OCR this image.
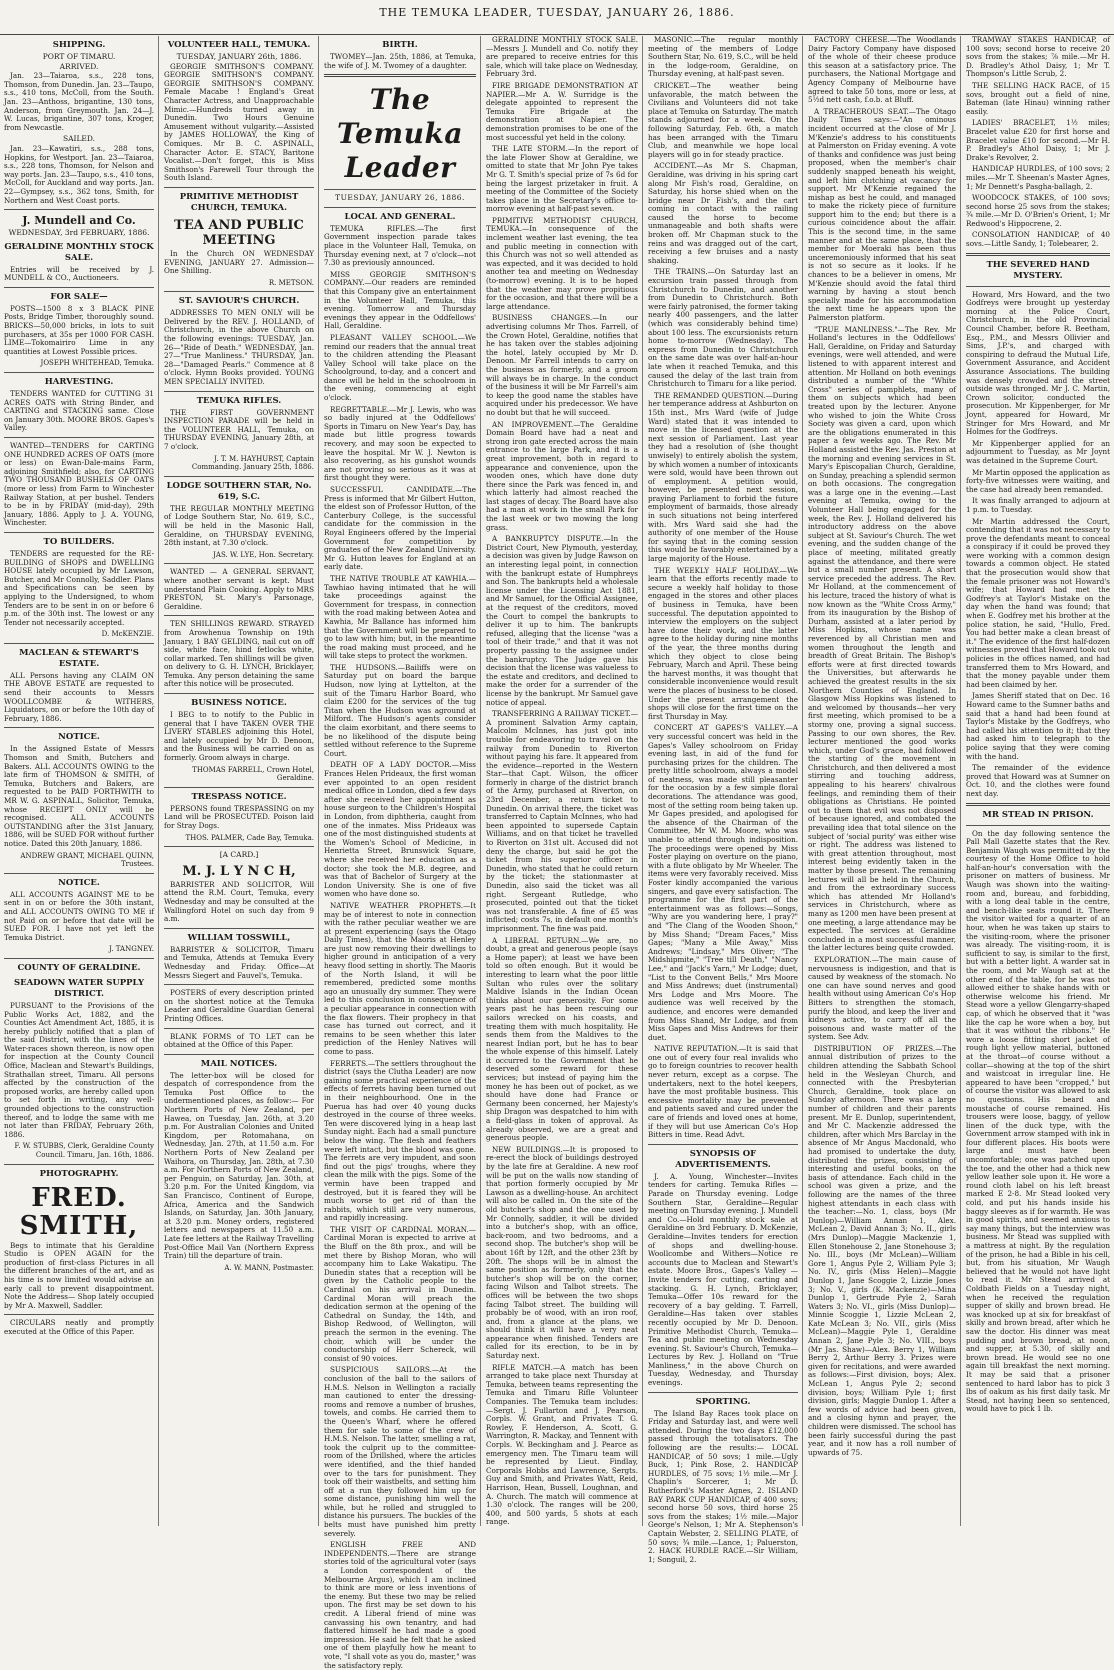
THE TEMUKA LEADER, TUESDAY, JANUARY 26, 1886.
SHIPPING.
PORT OF TIMARU.
ARRIVED.

Jan. 23—Taiaroa, s.s., 228 tons, Thomson, from Dunedin. Jan. 23—Taupo, s.s., 410 tons, McColl, from the South. Jan. 23—Anthoss, brigantine, 130 tons, Anderson, from Greymouth. Jan. 24—J. W. Lucas, brigantine, 307 tons, Kroger, from Newcastle.

SAILED.

Jan. 23—Kawatiri, s.s., 288 tons, Hopkins, for Westport. Jan. 23—Taiaroa, s.s., 228 tons, Thomson, for Nelson and way ports. Jan. 23—Taupo, s.s., 410 tons, McColl, for Auckland and way ports. Jan. 22—Gympsey, s.s., 362 tons, Smith, for Northern and West Coast ports.

J. Mundell and Co.
WEDNESDAY, 3rd FEBRUARY, 1886.
GERALDINE MONTHLY STOCK SALE.

Entries will be received by J. MUNDELL & CO., Auctioneers.

FOR SALE—

POSTS—1500 8 x 3 BLACK PINE Posts, Bridge Timber, thoroughly sound. BRICKS—50,000 bricks, in lots to suit purchasers, at 35s per 1000 FOR CASH. LIME—Tokomairiro Lime in any quantities at Lowest Possible prices.

JOSEPH WHITEHEAD, Temuka.
HARVESTING.

TENDERS WANTED for CUTTING 31 ACRES OATS with String Binder, and CARTING and STACKING same. Close on January 30th. MOORE BROS. Gapes's Valley.

WANTED—TENDERS for CARTING ONE HUNDRED ACRES OF OATS (more or less) on Ewan-Dale-mains Farm, adjoining Smithfield; also, for CARTING TWO THOUSAND BUSHELS OF OATS (more or less) from Farm to Winchester Railway Station, at per bushel. Tenders to be in by FRIDAY (mid-day), 29th January, 1886. Apply to J. A. YOUNG, Winchester.

TO BUILDERS.

TENDERS are requested for the RE-BUILDING of SHOPS and DWELLING HOUSE lately occupied by Mr Lawson, Butcher, and Mr Connolly, Saddler. Plans and Specifications can be seen by applying to the Undersigned, to whom Tenders are to be sent in on or before 6 p.m. of the 30th inst. The lowest or any Tender not necessarily accepted.

D. McKENZIE.
MACLEAN & STEWART'S ESTATE.

ALL Persons having any CLAIM ON THE ABOVE ESTATE are requested to send their accounts to Messrs WOOLLCOMBE & WITHERS, Liquidators, on or before the 10th day of February, 1886.

NOTICE.

In the Assigned Estate of Messrs Thomson and Smith, Butchers and Bakers. ALL ACCOUNTS OWING to the late firm of THOMSON & SMITH, of Temuka, Butchers and Bakers, are requested to be PAID FORTHWITH to MR W. G. ASPINALL, Solicitor, Temuka, whose RECEIPT ONLY will be recognised. ALL ACCOUNTS OUTSTANDING after the 31st January, 1886, will be SUED FOR without further notice. Dated this 20th January, 1886.

ANDREW GRANT, MICHAEL QUINN, Trustees.
NOTICE.

ALL ACCOUNTS AGAINST ME to be sent in on or before the 30th instant, and ALL ACCOUNTS OWING TO ME if not Paid on or before that date will be SUED FOR. I have not yet left the Temuka District.

J. TANGNEY.
COUNTY OF GERALDINE.
SEADOWN WATER SUPPLY DISTRICT.

PURSUANT to the Provisions of the Public Works Act, 1882, and the Counties Act Amendment Act, 1885, it is hereby publicly notified that a plan of the said District, with the lines of the Water-races shown thereon, is now open for inspection at the County Council Office, Maclean and Stewart's Buildings, Strathallan street, Timaru. All persons affected by the construction of the proposed works, are hereby called upon to set forth in writing, any well-grounded objections to the construction thereof, and to lodge the same with me not later than FRIDAY, February 26th, 1886.

F. W. STUBBS, Clerk, Geraldine County Council. Timaru, Jan. 16th, 1886.
PHOTOGRAPHY.
FRED. SMITH,

Begs to intimate that his Geraldine Studio is OPEN AGAIN for the production of first-class Pictures in all the different branches of the art, and as his time is now limited would advise an early call to prevent disappointment. Note the Address— Shop lately occupied by Mr A. Maxwell, Saddler.

CIRCULARS neatly and promptly executed at the Office of this Paper.

VOLUNTEER HALL, TEMUKA.
TUESDAY, JANUARY 26th, 1886.

GEORGIE SMITHSON'S COMPANY. GEORGIE SMITHSON'S COMPANY. GEORGIE SMITHSON'S COMPANY. Female Macabe ! England's Great Character Actress, and Unapproachable Mimic.—Hundreds turned away in Dunedin. Two Hours Genuine Amusement without vulgarity.—Assisted by JAMES HOLLOWAY, the King of Comiques. Mr B. C. ASPINALL, Character Actor. E. STACY, Baritone Vocalist.—Don't forget, this is Miss Smithson's Farewell Tour through the South Island.

PRIMITIVE METHODIST CHURCH, TEMUKA.
TEA AND PUBLIC MEETING

In the Church ON WEDNESDAY EVENING, JANUARY 27. Admission—One Shilling.

R. METSON.
ST. SAVIOUR'S CHURCH.

ADDRESSES TO MEN ONLY will be Delivered by the REV. J. HOLLAND, of Christchurch, in the above Church on the following evenings: TUESDAY, Jan. 26—"Ride of Death." WEDNESDAY, Jan. 27—"True Manliness." THURSDAY, Jan. 28—"Damaged Pearls." Commence at 8 o'clock. Hymn Books provided. YOUNG MEN SPECIALLY INVITED.

TEMUKA RIFLES.

THE FIRST GOVERNMENT INSPECTION PARADE will be held in the VOLUNTEER HALL, Temuka, on THURSDAY EVENING, January 28th, at 7 o'clock.

J. T. M. HAYHURST, Captain Commanding. January 25th, 1886.
LODGE SOUTHERN STAR, No. 619, S.C.

THE REGULAR MONTHLY MEETING of Lodge Southern Star, No. 619, S.C., will be held in the Masonic Hall, Geraldine, on THURSDAY EVENING, 28th instant, at 7.30 o'clock.

JAS. W. LYE, Hon. Secretary.

WANTED — A GENERAL SERVANT, where another servant is kept. Must understand Plain Cooking. Apply to MRS PRESTON, St. Mary's Parsonage, Geraldine.

TEN SHILLINGS REWARD. STRAYED from Arowhenua Township on 19th January, 1 BAY GELDING, nail cut on off side, white face, hind fetlocks white, collar marked. Ten shillings will be given on delivery to G. H. LYNCH, Bricklayer, Temuka. Any person detaining the same after this notice will be prosecuted.

BUSINESS NOTICE.

I BEG to to notify to the Public in general that I have TAKEN OVER THE LIVERY STABLES adjoining this Hotel, and lately occupied by Mr D. Denoon, and the Business will be carried on as formerly. Groom always in charge.

THOMAS FARRELL, Crown Hotel, Geraldine.
TRESPASS NOTICE.

PERSONS found TRESPASSING on my Land will be PROSECUTED. Poison laid for Stray Dogs.

THOS. PALMER, Cade Bay, Temuka.
[A CARD.]
M. J. L Y N C H,

BARRISTER AND SOLICITOR, Will attend the R.M. Court, Temuka, every Wednesday and may be consulted at the Wallingford Hotel on such day from 9 a.m.

WILLIAM TOSSWILL,

BARRISTER & SOLICITOR, Timaru and Temuka, Attends at Temuka Every Wednesday and Friday. Office—At Messrs Siegert and Fauvel's, Temuka.

POSTERS of every description printed on the shortest notice at the Temuka Leader and Geraldine Guardian General Printing Offices.

BLANK FORMS of TO LET can be obtained at the Office of this Paper.

MAIL NOTICES.

The letter-box will be closed for despatch of correspondence from the Temuka Post Office to the undermentioned places, as follow:— For Northern Ports of New Zealand, per Hawea, on Tuesday, Jan. 26th, at 3.20 p.m. For Australian Colonies and United Kingdom, per Rotomahana, on Wednesday, Jan. 27th, at 11.50 a.m. For Northern Ports of New Zealand per Waihora, on Thursday, Jan. 28th, at 7.30 a.m. For Northern Ports of New Zealand, per Penguin, on Saturday, Jan. 30th, at 3.20 p.m. For the United Kingdom, via San Francisco, Continent of Europe, Africa, America and the Sandwich Islands, on Saturday, Jan. 30th January, at 3.20 p.m. Money orders, registered letters and newspapers at 11.50 a.m. Late fee letters at the Railway Travelling Post-Office Mail Van (Northern Express Train) till the departure of train.

A. W. MANN, Postmaster.
BIRTH.

TWOMEY—Jan. 25th, 1886, at Temuka, the wife of J. M. Twomey of a daughter.

The Temuka Leader
TUESDAY, JANUARY 26, 1886.
LOCAL AND GENERAL.
TEMUKA RIFLES.—The first Government inspection parade takes place in the Volunteer Hall, Temuka, on Thursday evening next, at 7 o'clock—not 7.30 as previously announced.
MISS GEORGIE SMITHSON'S COMPANY.—Our readers are reminded that this Company give an entertainment in the Volunteer Hall, Temuka, this evening. Tomorrow and Thursday evenings they appear in the Oddfellows' Hall, Geraldine.
PLEASANT VALLEY SCHOOL.—We remind our readers that the annual treat to the children attending the Pleasant Valley School will take place on the Schoolground, to-day, and a concert and dance will be held in the schoolroom in the evening, commencing at eight o'clock.
REGRETTABLE.—Mr J. Lewis, who was so badly injured at the Oddfellows' Sports in Timaru on New Year's Day, has made but little progress towards recovery, and may soon be expected to leave the hospital. Mr W. J. Newton is also recovering, as his gunshot wounds are not proving so serious as it was at first thought they were.
SUCCESSFUL CANDIDATE.—The Press is informed that Mr Gilbert Hutton, the eldest son of Professor Hutton, of the Canterbury College, is the successful candidate for the commission in the Royal Engineers offered by the Imperial Government for competition by graduates of the New Zealand University. Mr G. Hutton leaves for England at an early date.
THE NATIVE TROUBLE AT KAWHIA.—Tawhiao having intimated that he will take proceedings against the Government for trespass, in connection with the road making between Aotea and Kawhia, Mr Ballance has informed him that the Government will be prepared to go to law with him; but, in the meantime the road making must proceed, and he will take steps to protect the workmen.
THE HUDSONS.—Bailiffs were on Saturday put on board the barque Hudson, now lying at Lyttelton, at the suit of the Timaru Harbor Board, who claim £200 for the services of the tug Titan when the Hudson was aground at Milford. The Hudson's agents consider the claim exorbitant, and there seems to be no likelihood of the dispute being settled without reference to the Supreme Court.
DEATH OF A LADY DOCTOR.—Miss Frances Helen Prideaux, the first woman ever appointed to an open resident medical office in London, died a few days after she received her appointment as house surgeon to the Children's Hospital in London, from diphtheria, caught from one of the inmates. Miss Prideaux was one of the most distinguished students at the Women's School of Medicine, in Henrietta Street, Brunswick Square, where she received her education as a doctor; she took the M.B. degree, and was that of Bachelor of Surgery at the London University. She is one of five women who have done so.
NATIVE WEATHER PROPHETS.—It may be of interest to note in connection with the rather peculiar weather we are at present experiencing (says the Otago Daily Times), that the Maoris at Henley are just now removing their dwellings to higher ground in anticipation of a very heavy flood setting in shortly. The Maoris of the North Island, it will be remembered, predicted some months ago an unusually dry summer. They were led to this conclusion in consequence of a peculiar appearance in connection with the flax flowers. Their prophecy in that case has turned out correct, and it remains to be seen whether this later prediction of the Henley Natives will come to pass.
FERRETS.—The settlers throughout the district (says the Clutha Leader) are now gaining some practical experience of the effects of ferrets having been turned out in their neighbourhood. One in the Puerua has had over 40 young ducks destroyed in the course of three weeks. Ten were discovered lying in a heap last Sunday night. Each had a small puncture below the wing. The flesh and feathers were left intact, but the blood was gone. The ferrets are very impudent, and soon find out the pigs' troughs, where they clean the milk with the pigs. Some of the vermin have been trapped and destroyed, but it is feared they will be much worse to get rid of than the rabbits, which still are very numerous, and rapidly increasing.
THE VISIT OF CARDINAL MORAN.—Cardinal Moran is expected to arrive at the Bluff on the 8th prox., and will be met there by Bishop Moran, who will accompany him to Lake Wakatipu. The Dunedin states that a reception will be given by the Catholic people to the Cardinal on his arrival in Dunedin. Cardinal Moran will preach the dedication sermon at the opening of the Cathedral on Sunday, the 14th, and Bishop Redwood, of Wellington, will preach the sermon in the evening. The choir, which will be under the conductorship of Herr Schereck, will consist of 90 voices.
SUSPICIOUS SAILORS.—At the conclusion of the ball to the sailors of H.M.S. Nelson in Wellington a racially man cautioned to enter the dressing-rooms and remove a number of brushes, towels, and combs. He carried them to the Queen's Wharf, where he offered them for sale to some of the crew of H.M.S. Nelson. The latter, smelling a rat, took the culprit up to the committee-room of the Drillshed, where the articles were identified, and the thief handed over to the tars for punishment. They took off their waistbelts, and setting him off at a run they followed him up for some distance, punishing him well the while, but he rolled and struggled to distance his pursuers. The buckles of the belts must have punished him pretty severely.
ENGLISH FREE AND INDEPENDENTS.—There are strange stories told of the agricultural voter (says a London correspondent of the Melbourne Argus), which I am inclined to think are more or less inventions of the enemy. But these two may be relied upon. The first may be set down to his credit. A Liberal friend of mine was canvassing his own tenantry, and had flattered himself he had made a good impression. He said he felt that he asked one of them playfully how he meant to vote, "I shall vote as you do, master," was the satisfactory reply.
GERALDINE MONTHLY STOCK SALE.—Messrs J. Mundell and Co. notify they are prepared to receive entries for this sale, which will take place on Wednesday, February 3rd.
FIRE BRIGADE DEMONSTRATION AT NAPIER.—Mr A. W. Surridge is the delegate appointed to represent the Temuka Fire Brigade at the demonstration at Napier. The demonstration promises to be one of the most successful yet held in the colony.
THE LATE STORM.—In the report of the late Flower Show at Geraldine, we omitted to state that Mr John Pye takes Mr G. T. Smith's special prize of 7s 6d for being the largest prizetaker in fruit. A meeting of the Committee of the Society takes place in the Secretary's office to-morrow evening at half-past seven.
PRIMITIVE METHODIST CHURCH, TEMUKA.—In consequence of the inclement weather last evening, the tea and public meeting in connection with this Church was not so well attended as was expected, and it was decided to hold another tea and meeting on Wednesday (to-morrow) evening. It is to be hoped that the weather may prove propitious for the occasion, and that there will be a large attendance.
BUSINESS CHANGES.—In our advertising columns Mr Thos. Farrell, of the Crown Hotel, Geraldine, notifies that he has taken over the stables adjoining the hotel, lately occupied by Mr D. Denoon. Mr Farrell intends to carry on the business as formerly, and a groom will always be in charge. In the conduct of the business it will be Mr Farrell's aim to keep the good name the stables have acquired under his predecessor. We have no doubt but that he will succeed.
AN IMPROVEMENT.—The Geraldine Domain Board have had a neat and strong iron gate erected across the main entrance to the large Park, and it is a great improvement, both in regard to appearance and convenience, upon the wooden ones, which have done duty there since the Park was fenced in, and which latterly had almost reached the last stages of decay. The Board have also had a man at work in the small Park for the last week or two mowing the long grass.
A BANKRUPTCY DISPUTE.—In the District Court, New Plymouth, yesterday, a decision was given by Judge Rawson on an interesting legal point, in connection with the bankrupt estate of Humphreys and Son. The bankrupts held a wholesale license under the Licensing Act 1881, and Mr Samuel, for the Official Assignee, at the request of the creditors, moved the Court to compel the bankrupts to deliver it up to him. The bankrupts refused, alleging that the license "was a tool of their trade," and that it was not property passing to the assignee under the bankruptcy. The Judge gave his decision that the license was valueless to the estate and creditors, and declined to make the order for a surrender of the license by the bankrupt. Mr Samuel gave notice of appeal.
TRANSFERRING A RAILWAY TICKET.—A prominent Salvation Army captain, Malcolm McInnes, has just got into trouble for endeavoring to travel on the railway from Dunedin to Riverton without paying his fare. It appeared from the evidence—reported in the Western Star—that Capt. Wilson, the officer formerly in charge of the district branch of the Army, purchased at Riverton, on 23rd December, a return ticket to Dunedin. On arrival there, the ticket was transferred to Captain McInnes, who had been appointed to supersede Captain Williams, and on that ticket he travelled to Riverton on 31st ult. Accused did not deny the charge, but said he got the ticket from his superior officer in Dunedin, who stated that he could return by the ticket; the stationmaster at Dunedin, also said the ticket was all right. Sergeant Rutledge, who prosecuted, pointed out that the ticket was not transferable. A fine of £5 was inflicted; costs 7s, in default one month's imprisonment. The fine was paid.
A LIBERAL RETURN.—We are, no doubt, a great and generous people (says a Home paper); at least we have been told so often enough. But it would be interesting to learn what the poor little Sultan who rules over the solitary Maldive Islands in the Indian Ocean thinks about our generosity. For some years past he has been rescuing our sailors wrecked on his coasts, and treating them with much hospitality. He sends them from the Maldives to the nearest Indian port, but he has to bear the whole expense of this himself. Lately it occurred to the Government that he deserved some reward for these services; but instead of paying him the money he has been out of pocket, as we should have done had France or Germany been concerned, her Majesty's ship Dragon was despatched to him with a field-glass in token of approval. As already observed, we are a great and generous people.
NEW BUILDINGS.—It is proposed to re-erect the block of buildings destroyed by the late fire at Geraldine. A new roof will be put on the walls now standing of that portion formerly occupied by Mr Lawson as a dwelling-house. An architect will also be called in. On the site of the old butcher's shop and the one used by Mr Connolly, saddler, it will be divided into a butcher's shop, with an office, back-room, and two bedrooms, and a second shop. The butcher's shop will be about 16ft by 12ft, and the other 23ft by 20ft. The shops will be in almost the same position as formerly, only that the butcher's shop will be on the corner, facing Wilson and Talbot streets. The offices will be between the two shops facing Talbot street. The building will probably be of wood, with an iron roof, and, from a glance at the plans, we should think it will have a very neat appearance when finished. Tenders are called for its erection, to be in by Saturday next.
RIFLE MATCH.—A match has been arranged to take place next Thursday at Temuka, between teams representing the Temuka and Timaru Rifle Volunteer Companies. The Temuka team includes:—Sergt. J. Fullarton and J. Pearson, Corpls. W. Grant, and Privates T. G. Rowley, F. Henderson, A. Scott, G. Warrington, R. Mackay, and Tennent with Corpls. W. Beckingham and J. Pearce as emergency men. The Timaru team will be represented by Lieut. Findlay, Corporals Hobbs and Lawrence, Sergts. Guy and Smith, and Privates Watt, Reid, Harrison, Hean, Bussell, Loughnan, and A. Church. The match will commence at 1.30 o'clock. The ranges will be 200, 400, and 500 yards, 5 shots at each range.
MASONIC.—The regular monthly meeting of the members of Lodge Southern Star, No. 619, S.C., will be held in the lodge-room, Geraldine, on Thursday evening, at half-past seven.
CRICKET.—The weather being unfavorable, the match between the Civilians and Volunteers did not take place at Temuka on Saturday. The match stands adjourned for a week. On the following Saturday, Feb. 6th, a match has been arranged with the Timaru Club, and meanwhile we hope local players will go in for steady practice.
ACCIDENT.—As Mr S. Chapman, Geraldine, was driving in his spring cart along Mr Fish's road, Geraldine, on Saturday, his horse shied when on the bridge near Dr Fish's, and the cart coming in contact with the railing caused the horse to become unmanageable and both shafts were broken off. Mr Chapman stuck to the reins and was dragged out of the cart, receiving a few bruises and a nasty shaking.
THE TRAINS.—On Saturday last an excursion train passed through from Christchurch to Dunedin, and another from Dunedin to Christchurch. Both were fairly patronised, the former taking nearly 400 passengers, and the latter (which was considerably behind time) about 100 less. The excursionists return home to-morrow (Wednesday). The express from Dunedin to Christchurch on the same date was over half-an-hour late when it reached Temuka, and this caused the delay of the last train from Christchurch to Timaru for a like period.
THE REMANDED QUESTION.—During her temperance address at Ashburton on 15th inst., Mrs Ward (wife of Judge Ward) stated that it was intended to move in the licensed question at the next session of Parliament. Last year they had a resolution of (she thought unwisely) to entirely abolish the system, by which women a number of intoxicants were sold, would have been thrown out of employment. A petition would, however, be presented next session, praying Parliament to forbid the future employment of barmaids, those already in such situations not being interfered with. Mrs Ward said she had the authority of one member of the House for saying that in the coming session this would be favorably entertained by a large majority of the House.
THE WEEKLY HALF HOLIDAY.—We learn that the efforts recently made to secure a weekly half holiday to those engaged in the stores and other places of business in Temuka, have been successful. The deputation appointed to interview the employers on the subject have done their work, and the latter agree to the holiday during nine months of the year, the three months during which they object to close being February, March and April. These being the harvest months, it was thought that considerable inconvenience would result were the places of business to be closed. Under the present arrangement the shops will close for the first time on the first Thursday in May.
CONCERT AT GAPES'S VALLEY.—A very successful concert was held in the Gapes's Valley schoolroom on Friday evening last, in aid of the fund for purchasing prizes for the children. The pretty little schoolroom, always a model of neatness, was made still pleasanter for the occasion by a few simple floral decorations. The attendance was good, most of the setting room being taken up. Mr Gapes presided, and apologised for the absence of the Chairman of the Committee, Mr W. M. Moore, who was unable to attend through indisposition. The proceedings were opened by Miss Foster playing on overture on the piano, with a flute obligato by Mr Wheeler. The items were very favorably received. Miss Foster kindly accompanied the various singers, and gave every satisfaction. The programme for the first part of the entertainment was as follows:—Songs, "Why are you wandering here, I pray?" and "The Clang of the Wooden Shoon," by Miss Shand; "Dream Faces," Miss Gapes; "Many a Mile Away," Miss Andrews; "Lindsay," Mrs Oliver; "The Midshipmite," "Tree till Death," "Nancy Lee," and "Jack's Yarn," Mr Lodge; duet, "List to the Convent Bells," Mrs Moore and Miss Andrews; duet (instrumental) Mrs Lodge and Mrs Moore. The audience was well received by the audience, and encores were demanded from Miss Shand, Mr Lodge, and from Miss Gapes and Miss Andrews for their duet.
NATIVE REPUTATION.—It is said that one out of every four real invalids who go to foreign countries to recover health never return, except as a corpse. The undertakers, next to the hotel keepers, have the most profitable business. This excessive mortality may be prevented and patients saved and cured under the care of friends and loved ones at home, if they will but use American Co's Hop Bitters in time. Read Advt.
SYNOPSIS OF ADVERTISEMENTS.

J. A. Young, Winchester—Invites tenders for carting. Temuka Rifles — Parade on Thursday evening. Lodge Southern Star, Geraldine—Regular meeting on Thursday evening. J. Mundell and Co.—Hold monthly stock sale at Geraldine on 3rd February. D. McKenzie, Geraldine—Invites tenders for erection of shops and dwelling-house. Woollcombe and Withers—Notice re accounts due to Maclean and Stewart's estate. Moore Bros., Gapes's Valley — Invite tenders for cutting, carting and stacking. G. H. Lynch, Bricklayer, Temuka—Offer 10s reward for the recovery of a bay gelding. T. Farrell, Geraldine—Has taken over stables recently occupied by Mr D. Denoon. Primitive Methodist Church, Temuka—Tea and public meeting on Wednesday evening. St. Saviour's Church, Temuka—Lectures by Rev. J. Holland on "True Manliness," in the above Church on Tuesday, Wednesday, and Thursday evenings.

SPORTING.

The Island Bay Races took place on Friday and Saturday last, and were well attended. During the two days £12,000 passed through the totalisators. The following are the results:— LOCAL HANDICAP, of 50 sovs; 1 mile.—Ugly Buck, 1; Pink Rose, 2. HANDICAP HURDLES, of 75 sovs; 1½ mile.—Mr J. Chaplin's Sorcerer, 1; Mr D. Rutherford's Master Agnes, 2. ISLAND BAY PARK CUP HANDICAP, of 400 sovs; second horse 50 sovs, third horse 25 sovs from the stakes; 1½ mile.—Major George's Nelson, 1; Mr A. Stephenson's Captain Webster, 2. SELLING PLATE, of 50 sovs; ¾ mile.—Lance, 1; Paluerston, 2. HACK HURDLE RACE.—Sir William, 1; Songuil, 2.

FACTORY CHEESE.—The Woodlands Dairy Factory Company have disposed of the whole of their cheese produce this season at a satisfactory price. The purchasers, the National Mortgage and Agency Company of Melbourne have agreed to take 50 tons, more or less, at 5½d nett cash, f.o.b. at Bluff.
A TREACHEROUS SEAT.—The Otago Daily Times says:—"An ominous incident occurred at the close of Mr J. M'Kenzie's address to his constituents at Palmerston on Friday evening. A vote of thanks and confidence was just being proposed, when the member's chair suddenly snapped beneath his weight, and left him clutching at vacancy for support. Mr M'Kenzie regained the mishap as best he could, and managed to make the rickety piece of furniture support him to the end; but there is a curious coincidence about the affair. This is the second time, in the same manner and at the same place, that the member for Moeraki has been thus unceremoniously informed that his seat is not so secure as it looks. If he chances to be a believer in omens, Mr M'Kenzie should avoid the fatal third warning by having a stout bench specially made for his accommodation the next time he appears upon the Palmerston platform.
"TRUE MANLINESS."—The Rev. Mr Holland's lectures in the Oddfellows' Hall, Geraldine, on Friday and Saturday evenings, were well attended, and were listened to with apparent interest and attention. Mr Holland on both evenings distributed a number of the "White Cross" series of pamphlets, many of them on subjects which had been treated upon by the lecturer. Anyone who wished to join the White Cross Society was given a card, upon which are the obligations enumerated in this paper a few weeks ago. The Rev. Mr Holland assisted the Rev. Jas. Preston at the morning and evening services in St. Mary's Episcopalian Church, Geraldine, on Sunday, preaching a splendid sermon on both occasions. The congregation was a large one in the evening.—Last evening at Temuka, owing to the Volunteer Hall being engaged for the week, the Rev. J. Holland delivered his introductory address on the above subject at St. Saviour's Church. The wet evening, and the sudden change of the place of meeting, militated greatly against the attendance, and there were but a small number present. A short service preceded the address. The Rev. Mr Holland, at the commencement of his lecture, traced the history of what is now known as the "White Cross Army," from its inauguration by the Bishop of Durham, assisted at a later period by Miss Hopkins, whose name was reverenced by all Christian men and women throughout the length and breadth of Great Britain. The Bishop's efforts were at first directed towards the Universities, but afterwards he achieved the greatest results in the six Northern Counties of England. In Glasgow Miss Hopkins was listened to and welcomed by thousands—her very first meeting, which promised to be a stormy one, proving a signal success. Passing to our own shores, the Rev. lecturer mentioned the good works which, under God's grace, had followed the starting of the movement in Christchurch, and then delivered a most stirring and touching address, appealing to his hearers' chivalrous feelings, and reminding them of their obligations as Christians. He pointed out to them that evil was not disposed of because ignored, and combated the prevailing idea that total silence on the subject of 'social purity' was either wise or right. The address was listened to with great attention throughout, most interest being evidently taken in the matter by those present. The remaining lectures will all be held in the Church, and from the extraordinary success which has attended Mr Holland's services in Christchurch, where as many as 1200 men have been present at one meeting, a large attendance may be expected. The services at Geraldine concluded in a most successful manner, the latter lectures being quite crowded.
EXPLORATION.—The main cause of nervousness is indigestion, and that is caused by weakness of the stomach. No one can have sound nerves and good health without using American Co's Hop Bitters to strengthen the stomach, purify the blood, and keep the liver and kidneys active, to carry off all the poisonous and waste matter of the system. See Adv.
DISTRIBUTION OF PRIZES.—The annual distribution of prizes to the children attending the Sabbath School held in the Wesleyan Church, and connected with the Presbyterian Church, Geraldine, took place on Sunday afternoon. There was a large number of children and their parents present. Mr E. Dunlop, superintendent, and Mr C. Mackenzie addressed the children, after which Mrs Barclay in the absence of Mr Angus Macdonald, who had promised to undertake the duty, distributed the prizes, consisting of interesting and useful books, on the basis of attendance. Each child in the school was given a prize, and the following are the names of the three highest attendants in each class with the teacher:—No. 1, class, boys (Mr Dunlop)—William Annan 1, Alex. McLean 2, David Annan 3; No. II., girls (Mrs Dunlop)—Maggie Mackenzie 1, Ellen Stonehouse 2, Jane Stonehouse 3; No. III., boys (Mr McLean)—William Gore 1, Angus Pyle 2, William Pyle 3; No. IV., girls (Miss Helen)—Maggie Dunlop 1, Jane Scoggie 2, Lizzie Jones 3; No. V., girls (K. Mackenzie)—Mina Dunlop 1, Gertrude Pyle 2, Sarah Waters 3; No. VI., girls (Miss Dunlop)—Minnie Scoggie 1, Lizzie McLean 2, Kate McLean 3; No. VII., girls (Miss McLean)—Maggie Pyle 1, Geraldine Annan 2, Jane Pyle 3; No. VIII., boys (Mr Jas. Shaw)—Alex. Berry 1, William Berry 2, Arthur Berry 3. Prizes were given for recitations, and were awarded as follows:—First division, boys; Alex. McLean 1, Angus Pyle 2; second division, boys; William Pyle 1; first division, girls; Maggie Dunlop 1. After a few words of advice had been given, and a closing hymn and prayer, the children were dismissed. The school has been fairly successful during the past year, and it now has a roll number of upwards of 75.
TRAMWAY STAKES HANDICAP, of 100 sovs; second horse to receive 20 sovs from the stakes; ⅞ mile.—Mr H. D. Bradley's Athol Daisy, 1; Mr T. Thompson's Little Scrub, 2.
THE SELLING HACK RACE, of 15 sovs, brought out a field of nine, Bateman (late Hinau) winning rather easily.
LADIES' BRACELET, 1½ miles; Bracelet value £20 for first horse and Bracelet value £10 for second.—Mr H. P. Bradley's Athol Daisy, 1; Mr J. Drake's Revolver, 2.
HANDICAP HURDLES, of 100 sovs; 2 miles.—Mr T. Sheenan's Master Agnes, 1; Mr Dennett's Pasgha-ballagh, 2.
WOODCOCK STAKES, of 100 sovs; second horse 25 sovs from the stakes; ¾ mile.—Mr D. O'Brien's Orient, 1; Mr Redwood's Hippocrene, 2.
CONSOLATION HANDICAP, of 40 sovs.—Little Sandy, 1; Tolebearer, 2.
THE SEVERED HAND MYSTERY.
Howard, Mrs Howard, and the two Godfreys were brought up yesterday morning at the Police Court, Christchurch, in the old Provincial Council Chamber, before R. Beetham, Esq., P.M., and Messrs Ollivier and Sims, J.P.'s, and charged with conspiring to defraud the Mutual Life, Government Assurance, and Accident Assurance Associations. The building was densely crowded and the street outside was thronged. Mr J. C. Martin, Crown solicitor, conducted the prosecution. Mr Kippenberger, for Mr Joynt, appeared for Howard, Mr Stringer for Mrs Howard, and Mr Holmes for the Godfreys.
Mr Kippenberger applied for an adjournment to Tuesday, as Mr Joynt was detained in the Supreme Court.
Mr Martin opposed the application as forty-five witnesses were waiting, and the case had already been remanded.
It was finally arranged to adjourn at 1 p.m. to Tuesday.
Mr Martin addressed the Court, contending that it was not necessary to prove the defendants meant to conceal a conspiracy if it could be proved they were working with a common design towards a common object. He stated that the prosecution would show that the female prisoner was not Howard's wife; that Howard had met the Godfrey's at Taylor's Mistake on the day when the hand was found; that when E. Godfrey met his brother at the police station, he said, "Hullo, Fred. You had better make a clean breast of it." The evidence of the first half-dozen witnesses proved that Howard took out policies in the offices named, and had transferred them to Mrs Howard, and that the money payable under them had been claimed by her.
James Sheriff stated that on Dec. 16 Howard came to the Sumner baths and said that a hand had been found at Taylor's Mistake by the Godfreys, who had called his attention to it; that they had asked him to telegraph to the police saying that they were coming with the hand.
The remainder of the evidence proved that Howard was at Sumner on Oct. 10, and the clothes were found next day.
MR STEAD IN PRISON.

On the day following sentence the Pall Mall Gazette states that the Rev. Benjamin Waugh was permitted by the courtesy of the Home Office to hold half-an-hour's conversation with the prisoner on matters of business. Mr Waugh was shown into the waiting-room and, bureau, and forbidding, with a long deal table in the centre, and bench-like seats round it. There the visitor waited for a quarter of an hour, when he was taken up stairs to the visiting-room, where the prisoner was already. The visiting-room, it is sufficient to say, is similar to the first, but with a better light. A warder sat in the room, and Mr Waugh sat at the other end of the table, for he was not allowed either to shake hands with or otherwise welcome his friend. Mr Stead wore a yellow Glengarry-shaped cap, of which he observed that it "was like the cap he wore when a boy, but that it was without the ribbons." He wore a loose fitting short jacket of rough light yellow material, buttoned at the throat—of course without a collar—showing at the top of the shirt and waistcoat in irregular line. He appeared to have been "cropped," but of course the visitor was allowed to ask no questions. His beard and moustache of course remained. His trousers were loose, baggy, of yellow linen of the duck type, with the Government arrow stamped with ink in four different places. His boots were large and must have been uncomfortable; one was patched upon the toe, and the other had a thick new yellow leather sole upon it. He wore a round cloth label on his left breast marked E 2-8. Mr Stead looked very cold, and put his hands inside his baggy sleeves as if for warmth. He was in good spirits, and seemed anxious to say many things, but the interview was business. Mr Stead was supplied with a mattress at night. By the regulation of the prison, he had a Bible in his cell, but, from his situation, Mr Waugh believed that he would not have light to read it. Mr Stead arrived at Coldbath Fields on a Tuesday night, when he received the regulation supper of skilly and brown bread. He was knocked up at six for breakfast of skilly and brown bread, after which he saw the doctor. His dinner was meat pudding and brown bread, at noon, and supper, at 5.30, of skilly and brown bread. He would see no one again till breakfast the next morning. It may be said that a prisoner sentenced to hard labor has to pick 3 lbs of oakum as his first daily task. Mr Stead, not having been so sentenced, would have to pick 1 lb.
